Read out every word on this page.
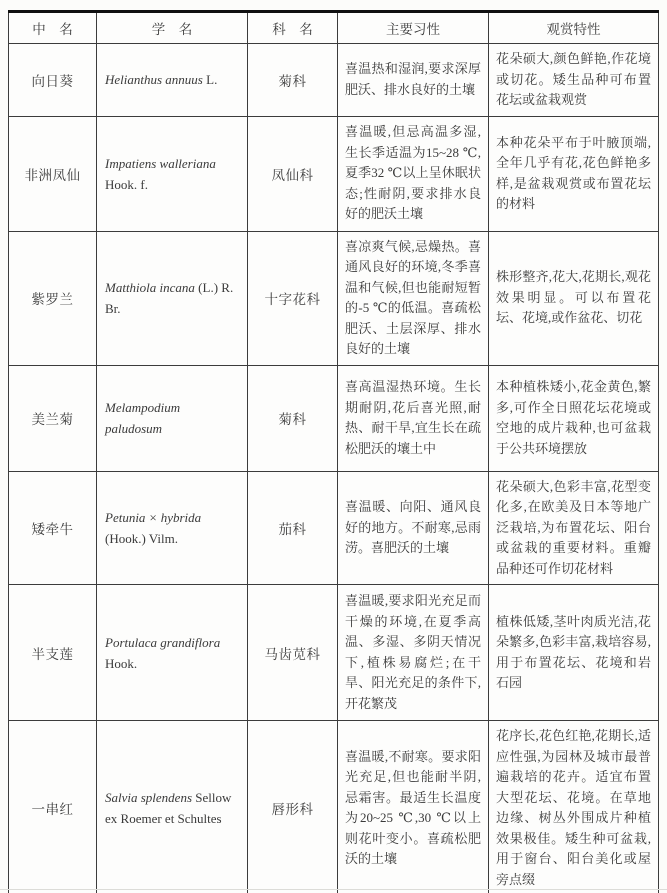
中　名	学　名	科　名	主要习性	观赏特性
向日葵	Helianthus annuus L.	菊科	喜温热和湿润,要求深厚肥沃、排水良好的土壤	花朵硕大,颜色鲜艳,作花境或切花。矮生品种可布置花坛或盆栽观赏
非洲凤仙	Impatiens walleriana Hook. f.	凤仙科	喜温暖,但忌高温多湿,生长季适温为15~28 ℃,夏季32 ℃以上呈休眠状态;性耐阴,要求排水良好的肥沃土壤	本种花朵平布于叶腋顶端,全年几乎有花,花色鲜艳多样,是盆栽观赏或布置花坛的材料
紫罗兰	Matthiola incana (L.) R. Br.	十字花科	喜凉爽气候,忌燥热。喜通风良好的环境,冬季喜温和气候,但也能耐短暂的-5 ℃的低温。喜疏松肥沃、土层深厚、排水良好的土壤	株形整齐,花大,花期长,观花效果明显。可以布置花坛、花境,或作盆花、切花
美兰菊	Melampodium paludosum	菊科	喜高温湿热环境。生长期耐阴,花后喜光照,耐热、耐干旱,宜生长在疏松肥沃的壤土中	本种植株矮小,花金黄色,繁多,可作全日照花坛花境或空地的成片栽种,也可盆栽于公共环境摆放
矮牵牛	Petunia × hybrida (Hook.) Vilm.	茄科	喜温暖、向阳、通风良好的地方。不耐寒,忌雨涝。喜肥沃的土壤	花朵硕大,色彩丰富,花型变化多,在欧美及日本等地广泛栽培,为布置花坛、阳台或盆栽的重要材料。重瓣品种还可作切花材料
半支莲	Portulaca grandiflora Hook.	马齿苋科	喜温暖,要求阳光充足而干燥的环境,在夏季高温、多湿、多阴天情况下,植株易腐烂;在干旱、阳光充足的条件下,开花繁茂	植株低矮,茎叶肉质光洁,花朵繁多,色彩丰富,栽培容易,用于布置花坛、花境和岩石园
一串红	Salvia splendens Sellow ex Roemer et Schultes	唇形科	喜温暖,不耐寒。要求阳光充足,但也能耐半阴,忌霜害。最适生长温度为20~25 ℃,30 ℃以上则花叶变小。喜疏松肥沃的土壤	花序长,花色红艳,花期长,适应性强,为园林及城市最普遍栽培的花卉。适宜布置大型花坛、花境。在草地边缘、树丛外围成片种植效果极佳。矮生种可盆栽,用于窗台、阳台美化或屋旁点缀
